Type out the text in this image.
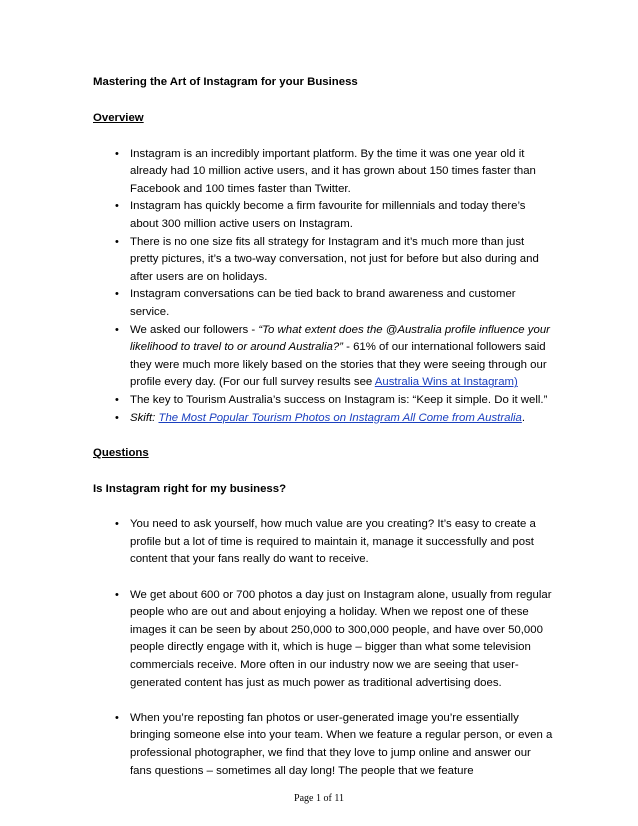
Mastering the Art of Instagram for your Business

Overview

• Instagram is an incredibly important platform. By the time it was one year old it already had 10 million active users, and it has grown about 150 times faster than Facebook and 100 times faster than Twitter.
• Instagram has quickly become a firm favourite for millennials and today there’s about 300 million active users on Instagram.
• There is no one size fits all strategy for Instagram and it’s much more than just pretty pictures, it’s a two-way conversation, not just for before but also during and after users are on holidays.
• Instagram conversations can be tied back to brand awareness and customer service.
• We asked our followers - “To what extent does the @Australia profile influence your likelihood to travel to or around Australia?” - 61% of our international followers said they were much more likely based on the stories that they were seeing through our profile every day. (For our full survey results see Australia Wins at Instagram)
• The key to Tourism Australia’s success on Instagram is: “Keep it simple. Do it well.”
• Skift: The Most Popular Tourism Photos on Instagram All Come from Australia.

Questions

Is Instagram right for my business?

• You need to ask yourself, how much value are you creating? It’s easy to create a profile but a lot of time is required to maintain it, manage it successfully and post content that your fans really do want to receive.
• We get about 600 or 700 photos a day just on Instagram alone, usually from regular people who are out and about enjoying a holiday. When we repost one of these images it can be seen by about 250,000 to 300,000 people, and have over 50,000 people directly engage with it, which is huge – bigger than what some television commercials receive. More often in our industry now we are seeing that user-generated content has just as much power as traditional advertising does.
• When you’re reposting fan photos or user-generated image you’re essentially bringing someone else into your team. When we feature a regular person, or even a professional photographer, we find that they love to jump online and answer our fans questions – sometimes all day long! The people that we feature
Page 1 of 11
